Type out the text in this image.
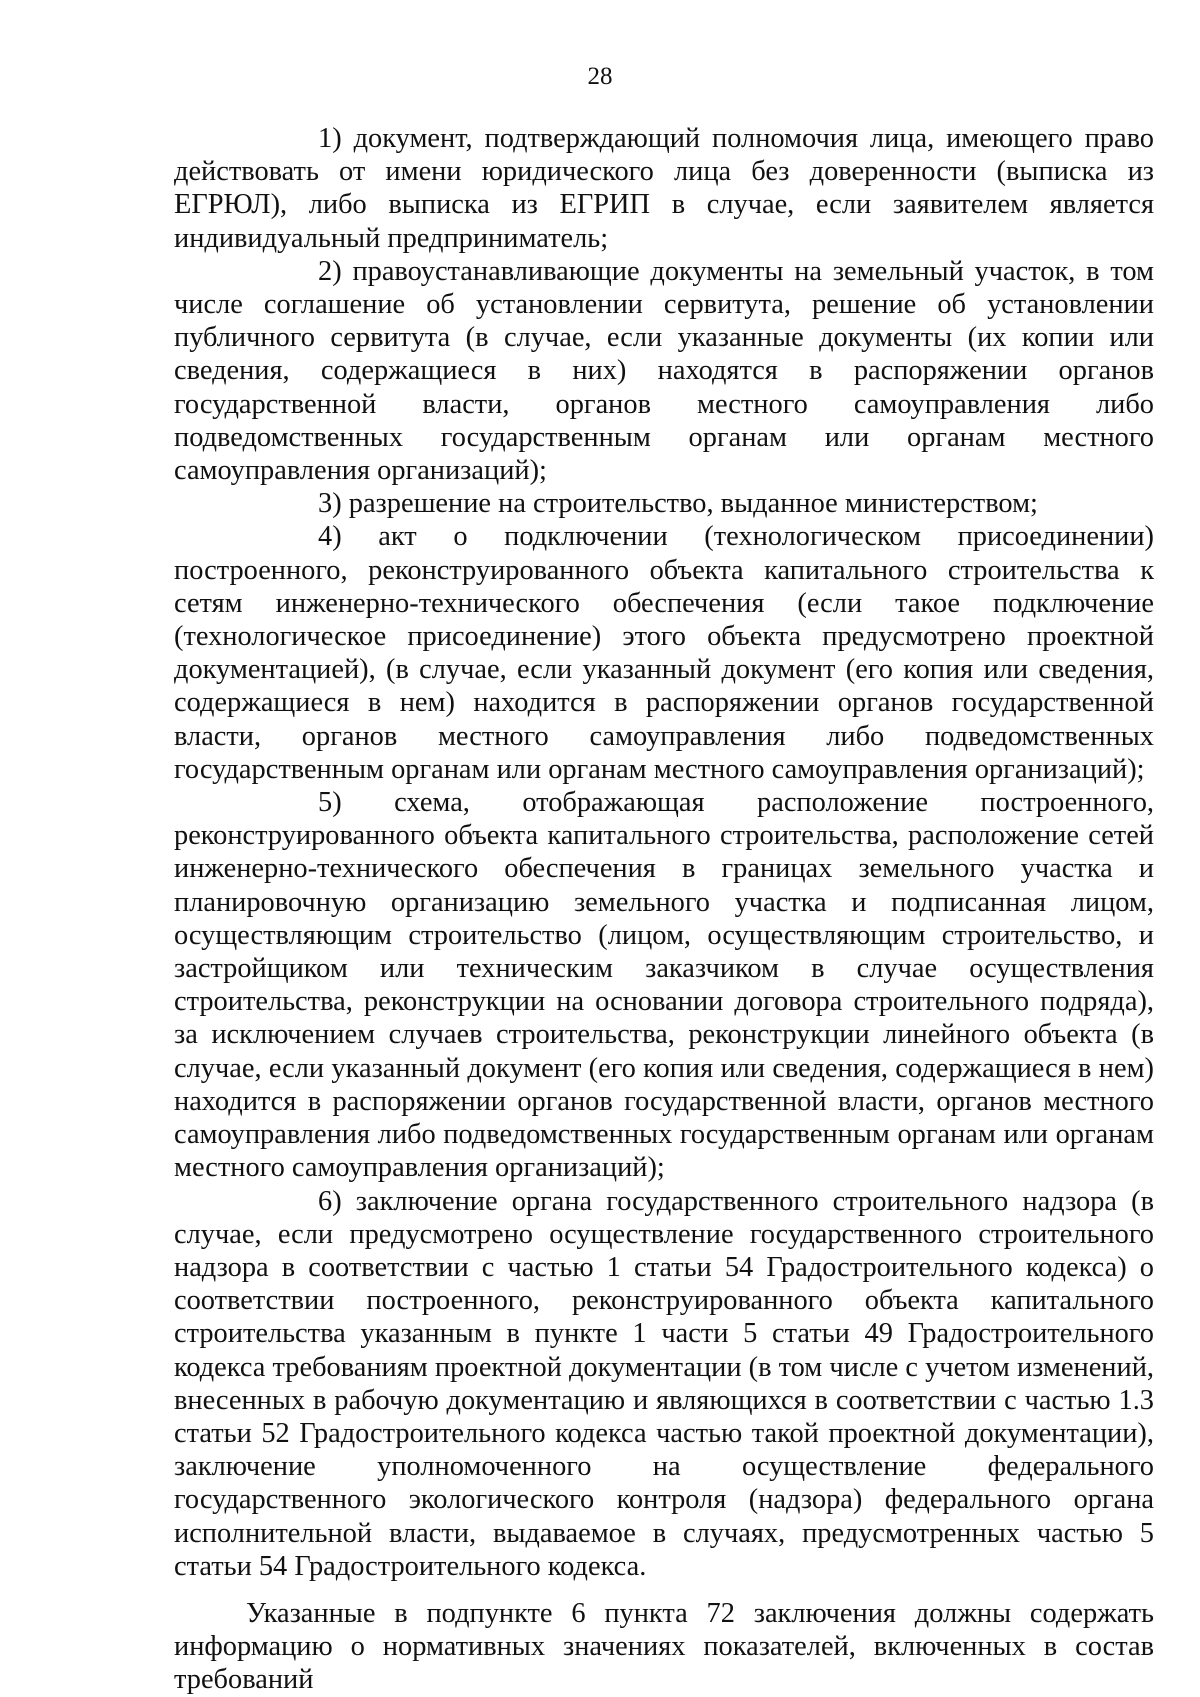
28

1) документ, подтверждающий полномочия лица, имеющего право действовать от имени юридического лица без доверенности (выписка из ЕГРЮЛ), либо выписка из ЕГРИП в случае, если заявителем является индивидуальный предприниматель;

2) правоустанавливающие документы на земельный участок, в том числе соглашение об установлении сервитута, решение об установлении публичного сервитута (в случае, если указанные документы (их копии или сведения, содержащиеся в них) находятся в распоряжении органов государственной власти, органов местного самоуправления либо подведомственных государственным органам или органам местного самоуправления организаций);

3) разрешение на строительство, выданное министерством;

4) акт о подключении (технологическом присоединении) построенного, реконструированного объекта капитального строительства к сетям инженерно-технического обеспечения (если такое подключение (технологическое присоединение) этого объекта предусмотрено проектной документацией), (в случае, если указанный документ (его копия или сведения, содержащиеся в нем) находится в распоряжении органов государственной власти, органов местного самоуправления либо подведомственных государственным органам или органам местного самоуправления организаций);

5) схема, отображающая расположение построенного, реконструированного объекта капитального строительства, расположение сетей инженерно-технического обеспечения в границах земельного участка и планировочную организацию земельного участка и подписанная лицом, осуществляющим строительство (лицом, осуществляющим строительство, и застройщиком или техническим заказчиком в случае осуществления строительства, реконструкции на основании договора строительного подряда), за исключением случаев строительства, реконструкции линейного объекта (в случае, если указанный документ (его копия или сведения, содержащиеся в нем) находится в распоряжении органов государственной власти, органов местного самоуправления либо подведомственных государственным органам или органам местного самоуправления организаций);

6) заключение органа государственного строительного надзора (в случае, если предусмотрено осуществление государственного строительного надзора в соответствии с частью 1 статьи 54 Градостроительного кодекса) о соответствии построенного, реконструированного объекта капитального строительства указанным в пункте 1 части 5 статьи 49 Градостроительного кодекса требованиям проектной документации (в том числе с учетом изменений, внесенных в рабочую документацию и являющихся в соответствии с частью 1.3 статьи 52 Градостроительного кодекса частью такой проектной документации), заключение уполномоченного на осуществление федерального государственного экологического контроля (надзора) федерального органа исполнительной власти, выдаваемое в случаях, предусмотренных частью 5 статьи 54 Градостроительного кодекса.

Указанные в подпункте 6 пункта 72 заключения должны содержать информацию о нормативных значениях показателей, включенных в состав требований
